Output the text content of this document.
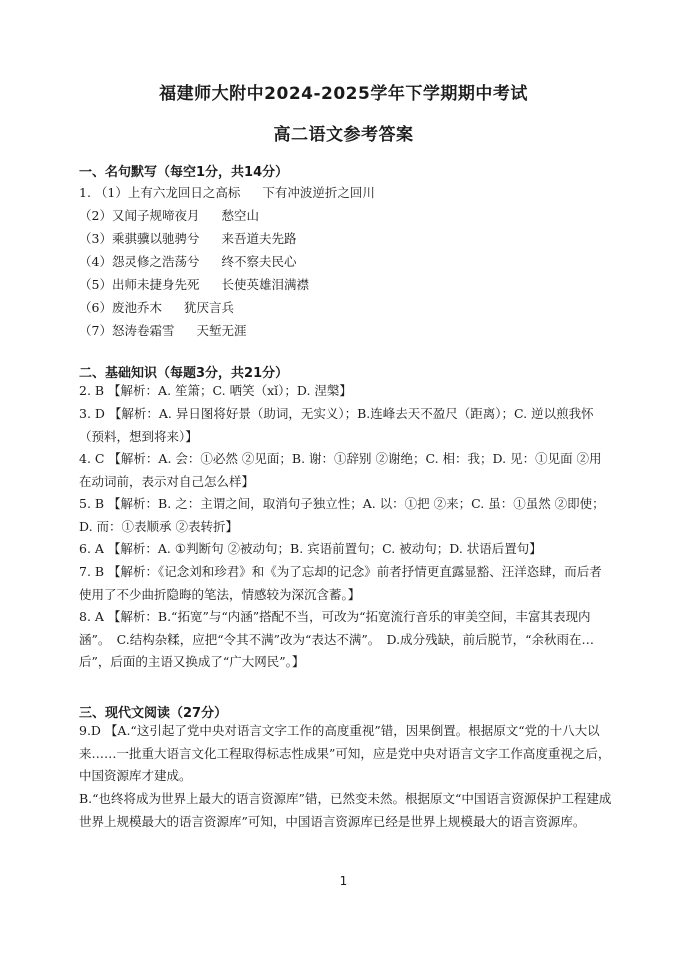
福建师大附中2024-2025学年下学期期中考试
高二语文参考答案
一、名句默写（每空1分，共14分）
1. （1）上有六龙回日之高标 下有冲波逆折之回川
（2）又闻子规啼夜月 愁空山
（3）乘骐骥以驰骋兮 来吾道夫先路
（4）怨灵修之浩荡兮 终不察夫民心
（5）出师未捷身先死 长使英雄泪满襟
（6）废池乔木 犹厌言兵
（7）怒涛卷霜雪 天堑无涯
二、基础知识（每题3分，共21分）
2. B 【解析：A. 笙箫；C. 哂笑（xǐ）；D. 涅槃】
3. D 【解析：A. 异日图将好景（助词，无实义）；B.连峰去天不盈尺（距离）；C. 逆以煎我怀（预料，想到将来）】
4. C 【解析：A. 会：①必然 ②见面；B. 谢：①辞别 ②谢绝；C. 相：我；D. 见：①见面 ②用在动词前，表示对自己怎么样】
5. B 【解析：B. 之：主谓之间，取消句子独立性；A. 以：①把 ②来；C. 虽：①虽然 ②即使；D. 而：①表顺承 ②表转折】
6. A 【解析：A. ①判断句 ②被动句；B. 宾语前置句；C. 被动句；D. 状语后置句】
7. B 【解析：《记念刘和珍君》和《为了忘却的记念》前者抒情更直露显豁、汪洋恣肆，而后者使用了不少曲折隐晦的笔法，情感较为深沉含蓄。】
8. A 【解析：B.“拓宽”与“内涵”搭配不当，可改为“拓宽流行音乐的审美空间，丰富其表现内涵”。　C.结构杂糅，应把“令其不满”改为“表达不满”。　D.成分残缺，前后脱节，“余秋雨在…后”，后面的主语又换成了“广大网民”。】
三、现代文阅读（27分）
9.D 【A.“这引起了党中央对语言文字工作的高度重视”错，因果倒置。根据原文“党的十八大以来……一批重大语言文化工程取得标志性成果”可知，应是党中央对语言文字工作高度重视之后，中国资源库才建成。
B.“也终将成为世界上最大的语言资源库”错，已然变未然。根据原文“中国语言资源保护工程建成世界上规模最大的语言资源库”可知，中国语言资源库已经是世界上规模最大的语言资源库。
1
